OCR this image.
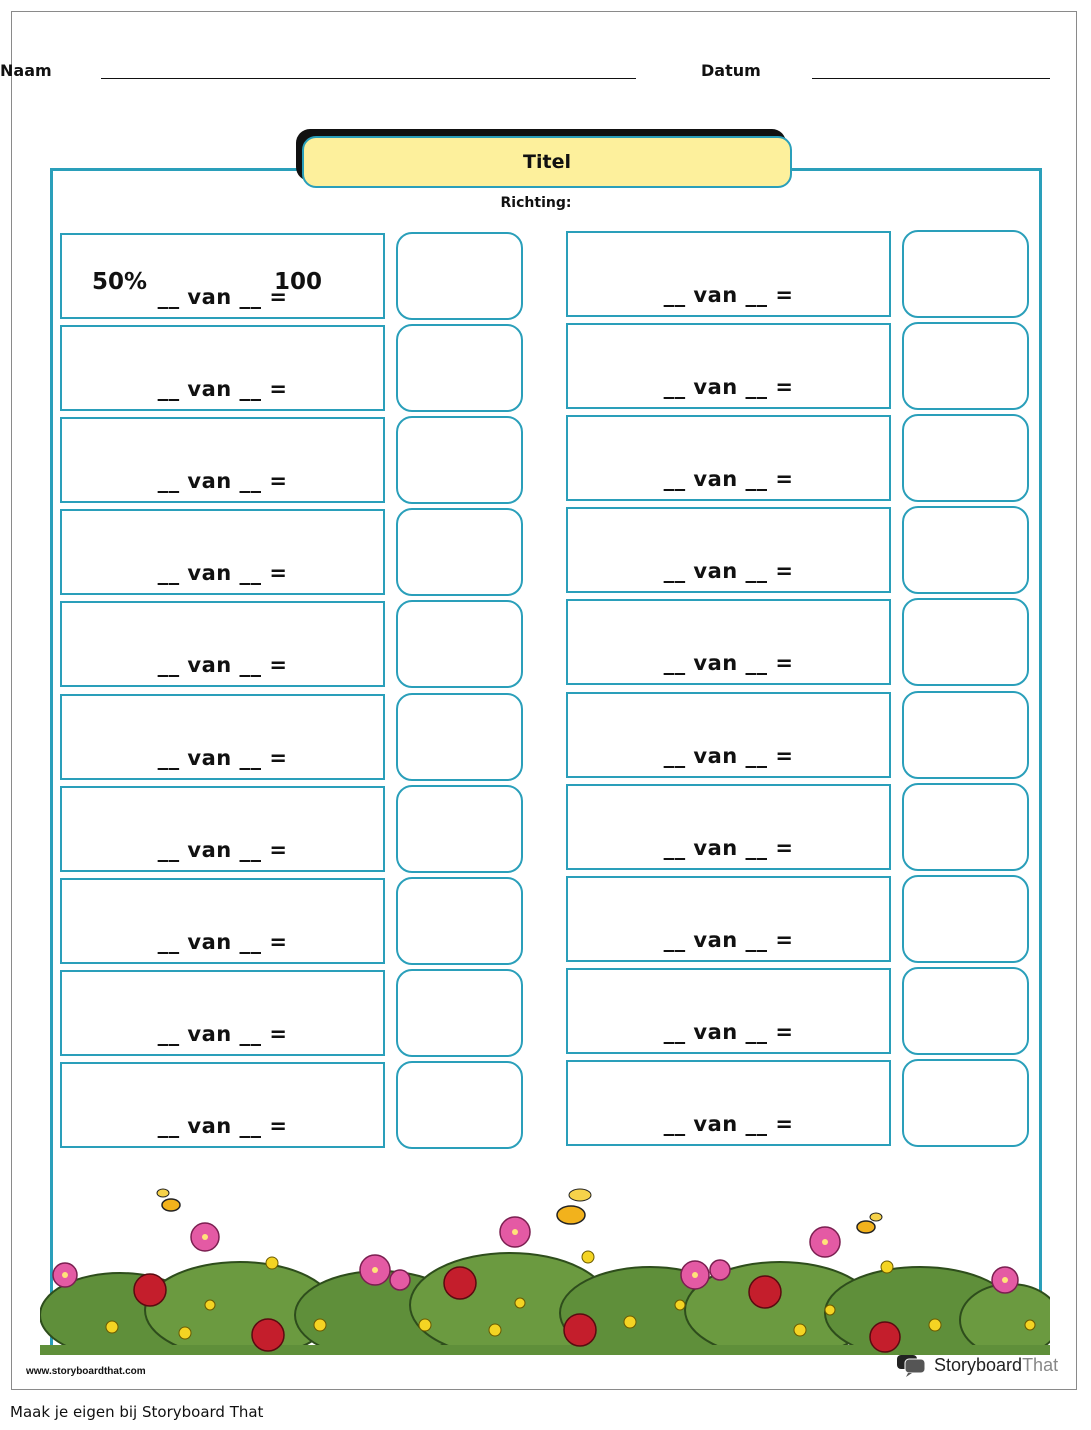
Naam	Datum
Titel
Richting:
50%	100
__ van __ =
__ van __ =
__ van __ =
__ van __ =
__ van __ =
__ van __ =
__ van __ =
__ van __ =
__ van __ =
__ van __ =
__ van __ =
__ van __ =
__ van __ =
__ van __ =
__ van __ =
__ van __ =
__ van __ =
__ van __ =
__ van __ =
__ van __ =
www.storyboardthat.com	StoryboardThat
Maak je eigen bij Storyboard That
